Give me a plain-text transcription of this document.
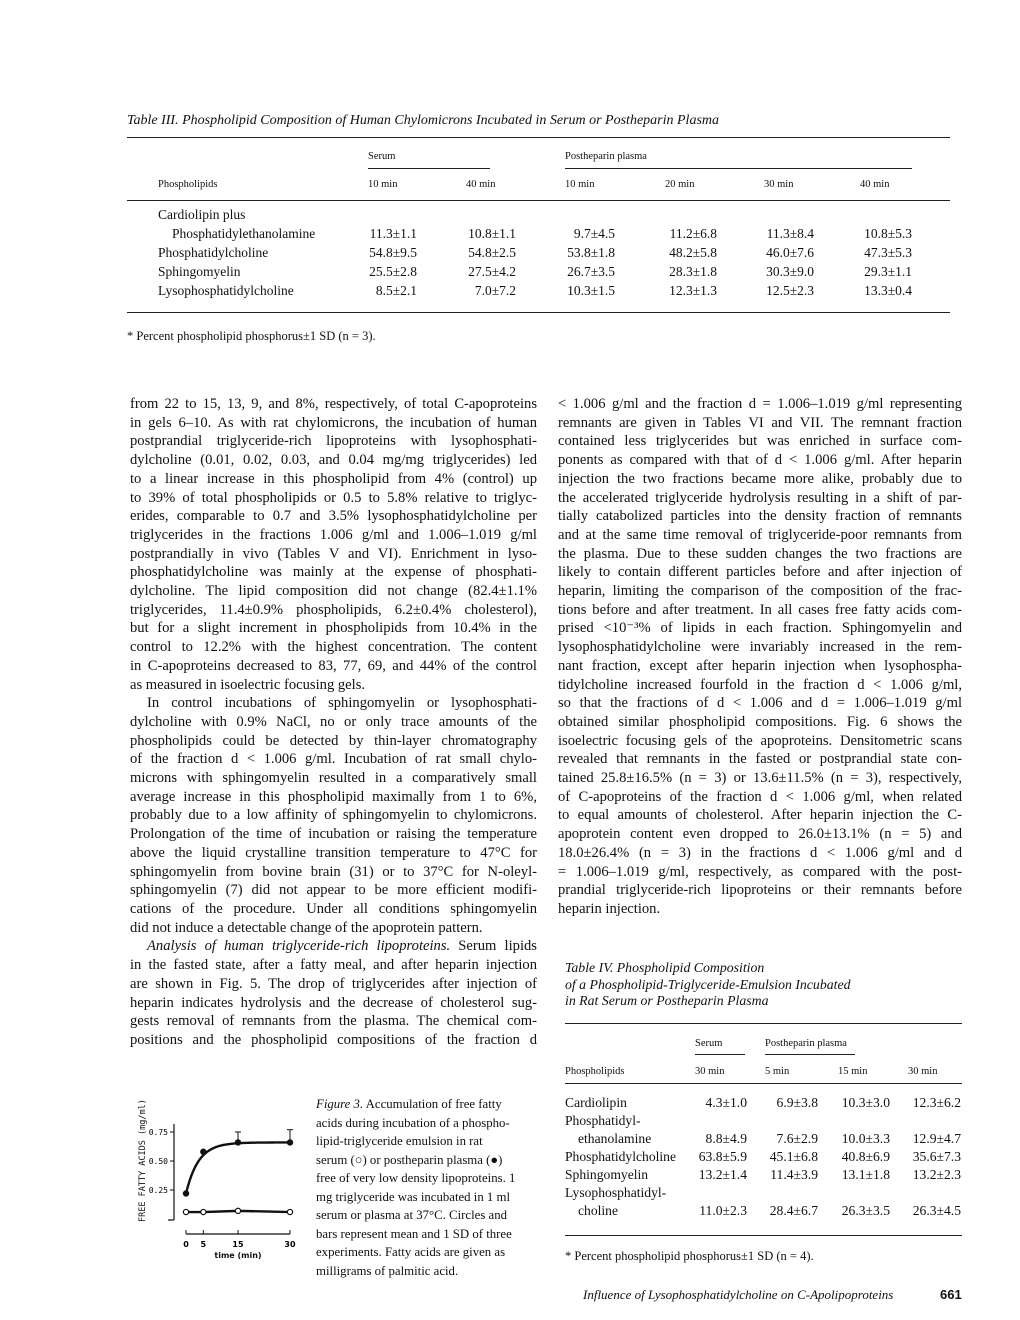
Table III. Phospholipid Composition of Human Chylomicrons Incubated in Serum or Postheparin Plasma
Serum	Postheparin plasma
Phospholipids	10 min	40 min	10 min	20 min	30 min	40 min
Cardiolipin plus
Phosphatidylethanolamine	11.3±1.1	10.8±1.1	9.7±4.5	11.2±6.8	11.3±8.4	10.8±5.3
Phosphatidylcholine	54.8±9.5	54.8±2.5	53.8±1.8	48.2±5.8	46.0±7.6	47.3±5.3
Sphingomyelin	25.5±2.8	27.5±4.2	26.7±3.5	28.3±1.8	30.3±9.0	29.3±1.1
Lysophosphatidylcholine	8.5±2.1	7.0±7.2	10.3±1.5	12.3±1.3	12.5±2.3	13.3±0.4
* Percent phospholipid phosphorus±1 SD (n = 3).
from 22 to 15, 13, 9, and 8%, respectively, of total C-apoproteins
in gels 6–10. As with rat chylomicrons, the incubation of human
postprandial triglyceride-rich lipoproteins with lysophosphati-
dylcholine (0.01, 0.02, 0.03, and 0.04 mg/mg triglycerides) led
to a linear increase in this phospholipid from 4% (control) up
to 39% of total phospholipids or 0.5 to 5.8% relative to triglyc-
erides, comparable to 0.7 and 3.5% lysophosphatidylcholine per
triglycerides in the fractions 1.006 g/ml and 1.006–1.019 g/ml
postprandially in vivo (Tables V and VI). Enrichment in lyso-
phosphatidylcholine was mainly at the expense of phosphati-
dylcholine. The lipid composition did not change (82.4±1.1%
triglycerides, 11.4±0.9% phospholipids, 6.2±0.4% cholesterol),
but for a slight increment in phospholipids from 10.4% in the
control to 12.2% with the highest concentration. The content
in C-apoproteins decreased to 83, 77, 69, and 44% of the control
as measured in isoelectric focusing gels.
In control incubations of sphingomyelin or lysophosphati-
dylcholine with 0.9% NaCl, no or only trace amounts of the
phospholipids could be detected by thin-layer chromatography
of the fraction d < 1.006 g/ml. Incubation of rat small chylo-
microns with sphingomyelin resulted in a comparatively small
average increase in this phospholipid maximally from 1 to 6%,
probably due to a low affinity of sphingomyelin to chylomicrons.
Prolongation of the time of incubation or raising the temperature
above the liquid crystalline transition temperature to 47°C for
sphingomyelin from bovine brain (31) or to 37°C for N-oleyl-
sphingomyelin (7) did not appear to be more efficient modifi-
cations of the procedure. Under all conditions sphingomyelin
did not induce a detectable change of the apoprotein pattern.
Analysis of human triglyceride-rich lipoproteins. Serum lipids
in the fasted state, after a fatty meal, and after heparin injection
are shown in Fig. 5. The drop of triglycerides after injection of
heparin indicates hydrolysis and the decrease of cholesterol sug-
gests removal of remnants from the plasma. The chemical com-
positions and the phospholipid compositions of the fraction d
< 1.006 g/ml and the fraction d = 1.006–1.019 g/ml representing
remnants are given in Tables VI and VII. The remnant fraction
contained less triglycerides but was enriched in surface com-
ponents as compared with that of d < 1.006 g/ml. After heparin
injection the two fractions became more alike, probably due to
the accelerated triglyceride hydrolysis resulting in a shift of par-
tially catabolized particles into the density fraction of remnants
and at the same time removal of triglyceride-poor remnants from
the plasma. Due to these sudden changes the two fractions are
likely to contain different particles before and after injection of
heparin, limiting the comparison of the composition of the frac-
tions before and after treatment. In all cases free fatty acids com-
prised <10⁻³% of lipids in each fraction. Sphingomyelin and
lysophosphatidylcholine were invariably increased in the rem-
nant fraction, except after heparin injection when lysophospha-
tidylcholine increased fourfold in the fraction d < 1.006 g/ml,
so that the fractions of d < 1.006 and d = 1.006–1.019 g/ml
obtained similar phospholipid compositions. Fig. 6 shows the
isoelectric focusing gels of the apoproteins. Densitometric scans
revealed that remnants in the fasted or postprandial state con-
tained 25.8±16.5% (n = 3) or 13.6±11.5% (n = 3), respectively,
of C-apoproteins of the fraction d < 1.006 g/ml, when related
to equal amounts of cholesterol. After heparin injection the C-
apoprotein content even dropped to 26.0±13.1% (n = 5) and
18.0±26.4% (n = 3) in the fractions d < 1.006 g/ml and d
= 1.006–1.019 g/ml, respectively, as compared with the post-
prandial triglyceride-rich lipoproteins or their remnants before
heparin injection.
FREE FATTY ACIDS (mg/ml)
time (min)
0.25
0.50
0.75
0 5	15	30
Figure 3. Accumulation of free fatty
acids during incubation of a phospho-
lipid-triglyceride emulsion in rat
serum (○) or postheparin plasma (●)
free of very low density lipoproteins. 1
mg triglyceride was incubated in 1 ml
serum or plasma at 37°C. Circles and
bars represent mean and 1 SD of three
experiments. Fatty acids are given as
milligrams of palmitic acid.
Table IV. Phospholipid Composition
of a Phospholipid-Triglyceride-Emulsion Incubated
in Rat Serum or Postheparin Plasma
Serum	Postheparin plasma
Phospholipids	30 min	5 min	15 min	30 min
Cardiolipin	4.3±1.0 6.9±3.8 10.3±3.0 12.3±6.2
Phosphatidyl-
ethanolamine	8.8±4.9 7.6±2.9 10.0±3.3 12.9±4.7
Phosphatidylcholine 63.8±5.9 45.1±6.8 40.8±6.9 35.6±7.3
Sphingomyelin	13.2±1.4 11.4±3.9 13.1±1.8 13.2±2.3
Lysophosphatidyl-
choline	11.0±2.3 28.4±6.7 26.3±3.5 26.3±4.5
* Percent phospholipid phosphorus±1 SD (n = 4).
Influence of Lysophosphatidylcholine on C-Apolipoproteins	661
